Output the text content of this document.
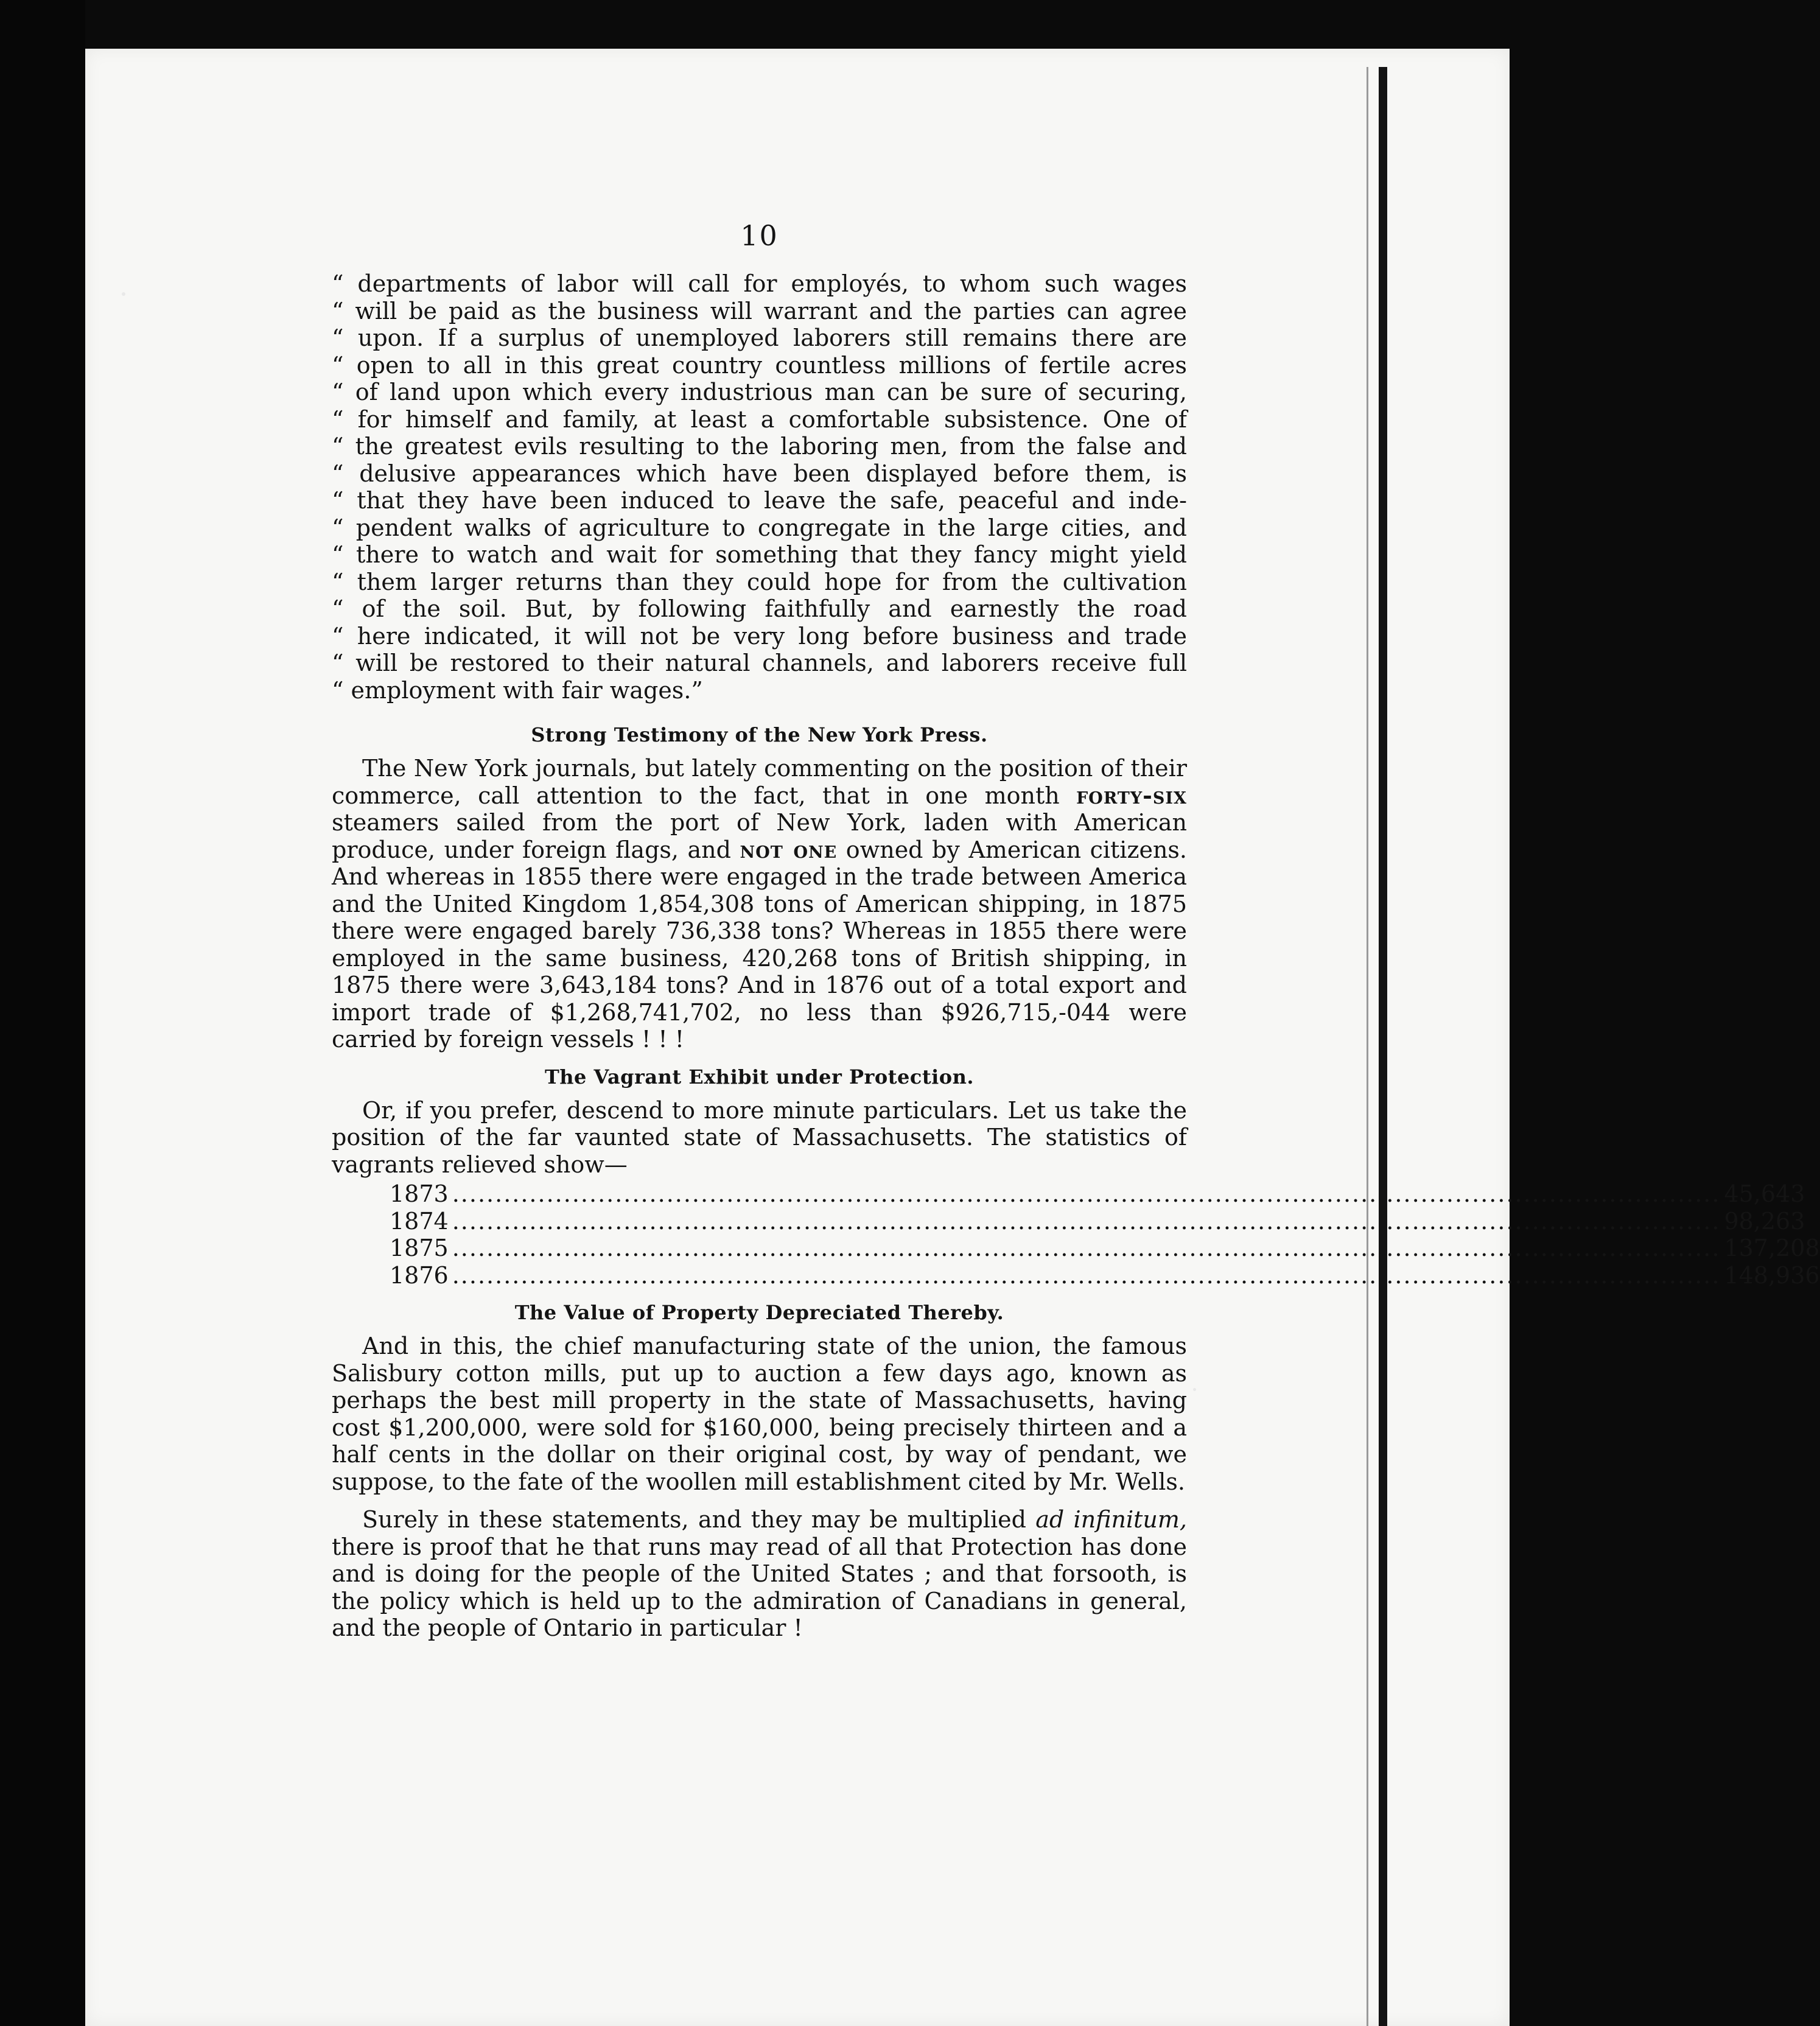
10
“ departments of labor will call for employés, to whom such wages
“ will be paid as the business will warrant and the parties can agree
“ upon. If a surplus of unemployed laborers still remains there are
“ open to all in this great country countless millions of fertile acres
“ of land upon which every industrious man can be sure of securing,
“ for himself and family, at least a comfortable subsistence. One of
“ the greatest evils resulting to the laboring men, from the false and
“ delusive appearances which have been displayed before them, is
“ that they have been induced to leave the safe, peaceful and inde-
“ pendent walks of agriculture to congregate in the large cities, and
“ there to watch and wait for something that they fancy might yield
“ them larger returns than they could hope for from the cultivation
“ of the soil. But, by following faithfully and earnestly the road
“ here indicated, it will not be very long before business and trade
“ will be restored to their natural channels, and laborers receive full
“ employment with fair wages.”
Strong Testimony of the New York Press.

The New York journals, but lately commenting on the position of their commerce, call attention to the fact, that in one month forty-six steamers sailed from the port of New York, laden with American produce, under foreign flags, and not one owned by American citizens. And whereas in 1855 there were engaged in the trade between America and the United Kingdom 1,854,308 tons of American shipping, in 1875 there were engaged barely 736,338 tons? Whereas in 1855 there were employed in the same business, 420,268 tons of British shipping, in 1875 there were 3,643,184 tons? And in 1876 out of a total export and import trade of $1,268,741,702, no less than $926,715,-044 were carried by foreign vessels ! ! !

The Vagrant Exhibit under Protection.

Or, if you prefer, descend to more minute particulars. Let us take the position of the far vaunted state of Massachusetts. The statistics of vagrants relieved show—

1873 .................................................................................................................................................... 45,643
1874 .................................................................................................................................................... 98,263
1875 .................................................................................................................................................... 137,208
1876 .................................................................................................................................................... 148,936
The Value of Property Depreciated Thereby.

And in this, the chief manufacturing state of the union, the famous Salisbury cotton mills, put up to auction a few days ago, known as perhaps the best mill property in the state of Massachusetts, having cost $1,200,000, were sold for $160,000, being precisely thirteen and a half cents in the dollar on their original cost, by way of pendant, we suppose, to the fate of the woollen mill establishment cited by Mr. Wells.

Surely in these statements, and they may be multiplied ad infinitum, there is proof that he that runs may read of all that Protection has done and is doing for the people of the United States ; and that forsooth, is the policy which is held up to the admiration of Canadians in general, and the people of Ontario in particular !
